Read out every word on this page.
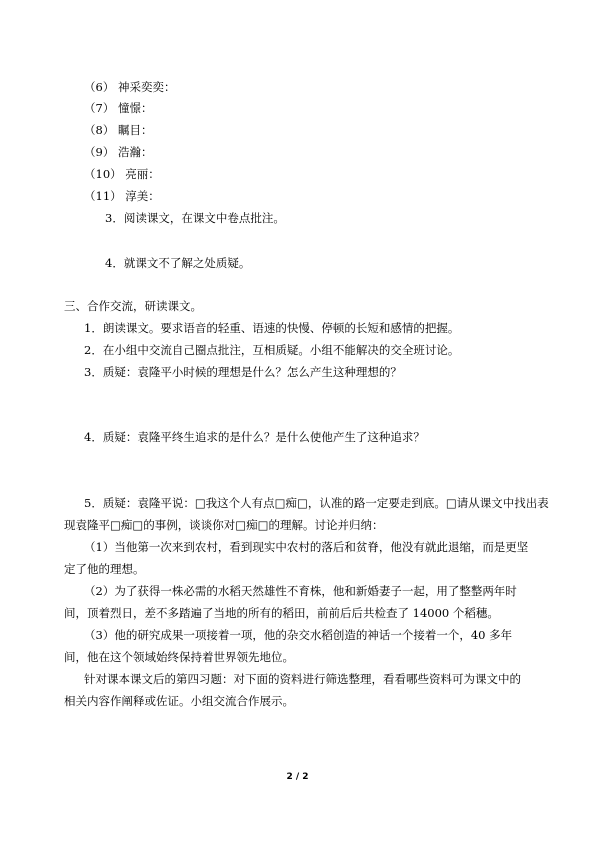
（6） 神采奕奕：
（7） 憧憬：
（8） 瞩目：
（9） 浩瀚：
（10） 亮丽：
（11） 淳美：
3．阅读课文，在课文中卷点批注。
4．就课文不了解之处质疑。
三、合作交流，研读课文。
1．朗读课文。要求语音的轻重、语速的快慢、停顿的长短和感情的把握。
2．在小组中交流自己圈点批注，互相质疑。小组不能解决的交全班讨论。
3．质疑：袁隆平小时候的理想是什么？怎么产生这种理想的？
4．质疑：袁隆平终生追求的是什么？是什么使他产生了这种追求？
5．质疑：袁隆平说：□我这个人有点□痴□，认准的路一定要走到底。□请从课文中找出表
现袁隆平□痴□的事例，谈谈你对□痴□的理解。讨论并归纳：
（1）当他第一次来到农村，看到现实中农村的落后和贫脊，他没有就此退缩，而是更坚
定了他的理想。
（2）为了获得一株必需的水稻天然雄性不育株，他和新婚妻子一起，用了整整两年时
间，顶着烈日，差不多踏遍了当地的所有的稻田，前前后后共检查了 14000 个稻穗。
（3）他的研究成果一项接着一项，他的杂交水稻创造的神话一个接着一个，40 多年
间，他在这个领域始终保持着世界领先地位。
针对课本课文后的第四习题：对下面的资料进行筛选整理，看看哪些资料可为课文中的
相关内容作阐释或佐证。小组交流合作展示。
2 / 2
